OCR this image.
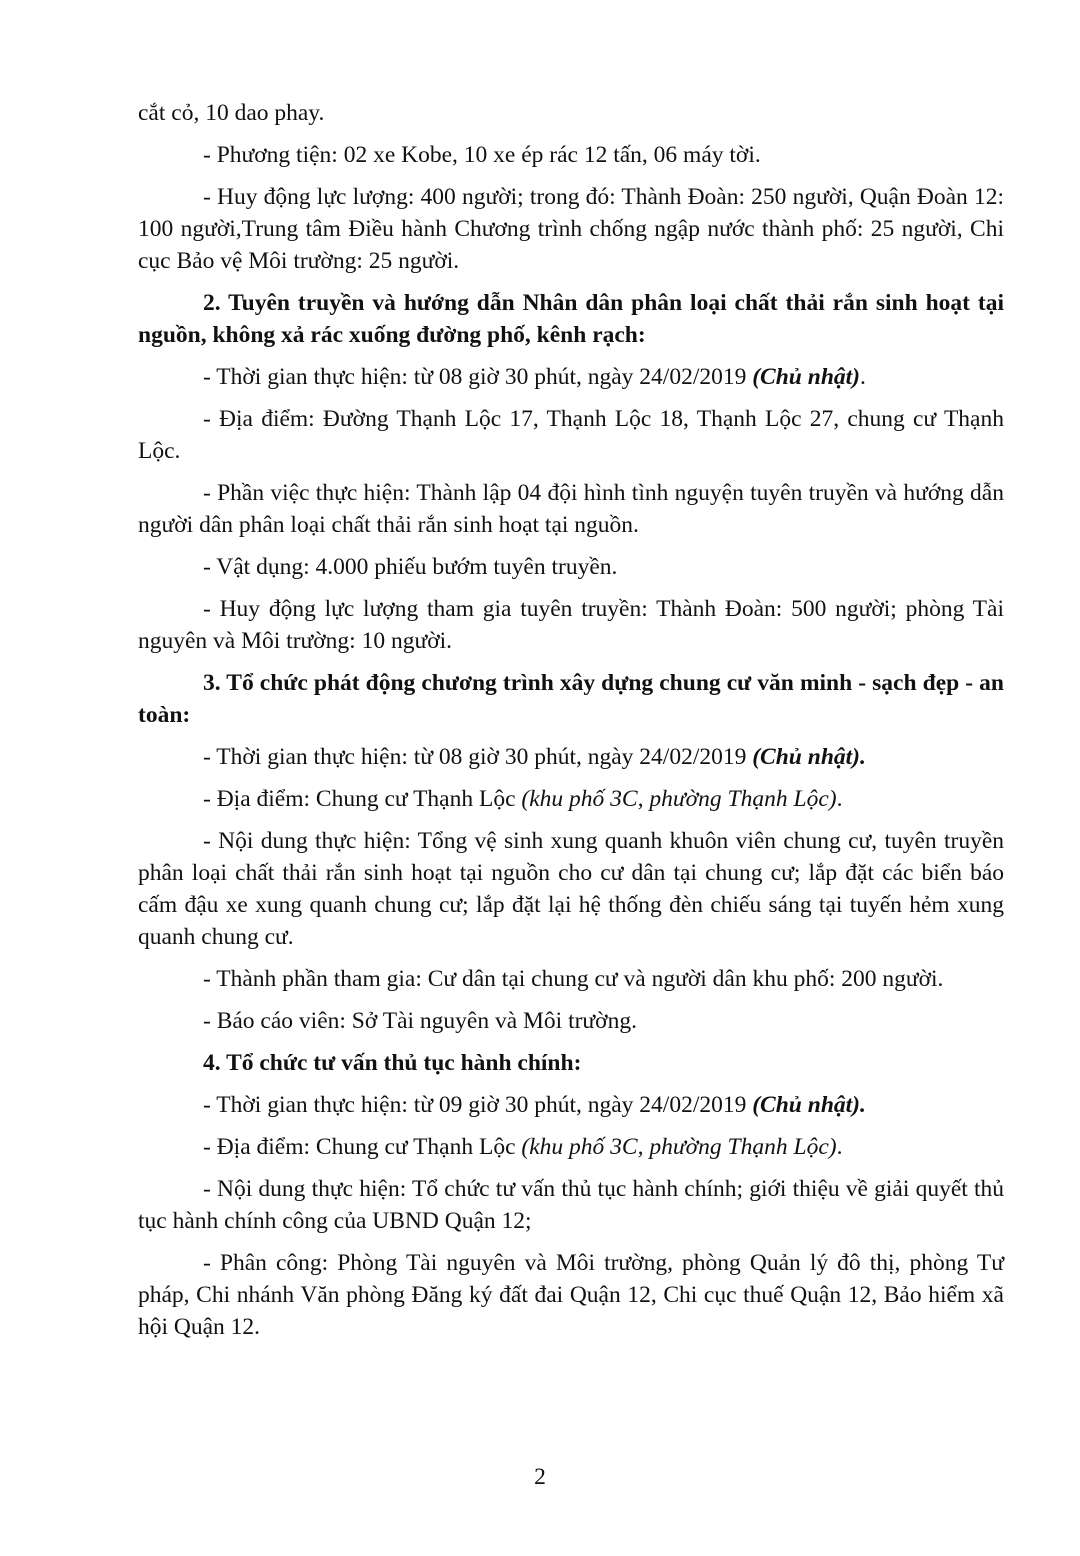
cắt cỏ, 10 dao phay.

- Phương tiện: 02 xe Kobe, 10 xe ép rác 12 tấn, 06 máy tời.

- Huy động lực lượng: 400 người; trong đó: Thành Đoàn: 250 người, Quận Đoàn 12: 100 người,Trung tâm Điều hành Chương trình chống ngập nước thành phố: 25 người, Chi cục Bảo vệ Môi trường: 25 người.

2. Tuyên truyền và hướng dẫn Nhân dân phân loại chất thải rắn sinh hoạt tại nguồn, không xả rác xuống đường phố, kênh rạch:

- Thời gian thực hiện: từ 08 giờ 30 phút, ngày 24/02/2019 (Chủ nhật).

- Địa điểm: Đường Thạnh Lộc 17, Thạnh Lộc 18, Thạnh Lộc 27, chung cư Thạnh Lộc.

- Phần việc thực hiện: Thành lập 04 đội hình tình nguyện tuyên truyền và hướng dẫn người dân phân loại chất thải rắn sinh hoạt tại nguồn.

- Vật dụng: 4.000 phiếu bướm tuyên truyền.

- Huy động lực lượng tham gia tuyên truyền: Thành Đoàn: 500 người; phòng Tài nguyên và Môi trường: 10 người.

3. Tổ chức phát động chương trình xây dựng chung cư văn minh - sạch đẹp - an toàn:

- Thời gian thực hiện: từ 08 giờ 30 phút, ngày 24/02/2019 (Chủ nhật).

- Địa điểm: Chung cư Thạnh Lộc (khu phố 3C, phường Thạnh Lộc).

- Nội dung thực hiện: Tổng vệ sinh xung quanh khuôn viên chung cư, tuyên truyền phân loại chất thải rắn sinh hoạt tại nguồn cho cư dân tại chung cư; lắp đặt các biển báo cấm đậu xe xung quanh chung cư; lắp đặt lại hệ thống đèn chiếu sáng tại tuyến hẻm xung quanh chung cư.

- Thành phần tham gia: Cư dân tại chung cư và người dân khu phố: 200 người.

- Báo cáo viên: Sở Tài nguyên và Môi trường.

4. Tổ chức tư vấn thủ tục hành chính:

- Thời gian thực hiện: từ 09 giờ 30 phút, ngày 24/02/2019 (Chủ nhật).

- Địa điểm: Chung cư Thạnh Lộc (khu phố 3C, phường Thạnh Lộc).

- Nội dung thực hiện: Tổ chức tư vấn thủ tục hành chính; giới thiệu về giải quyết thủ tục hành chính công của UBND Quận 12;

- Phân công: Phòng Tài nguyên và Môi trường, phòng Quản lý đô thị, phòng Tư pháp, Chi nhánh Văn phòng Đăng ký đất đai Quận 12, Chi cục thuế Quận 12, Bảo hiểm xã hội Quận 12.

2
